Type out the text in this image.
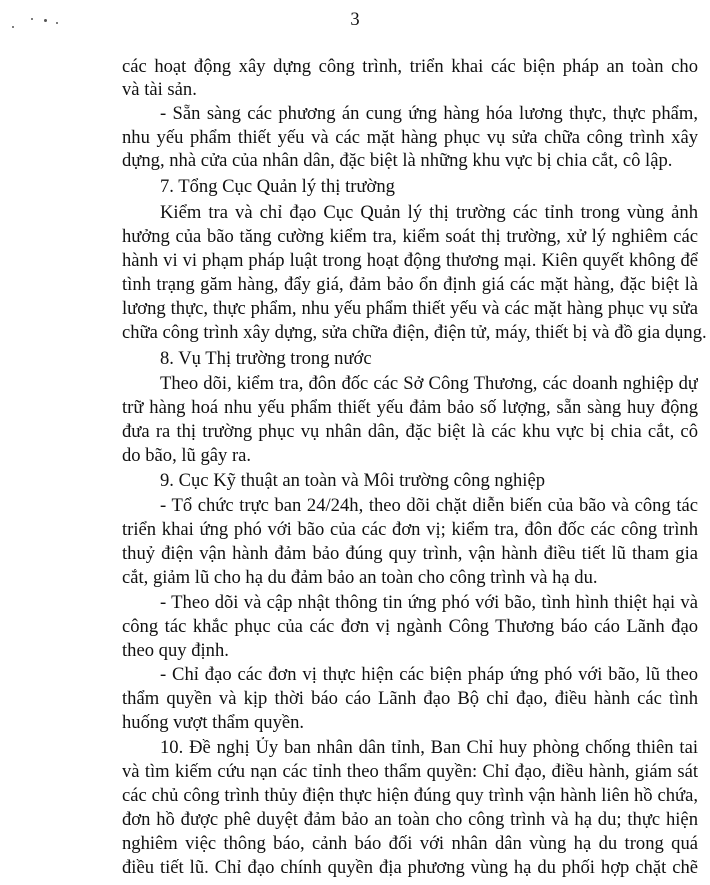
3
các hoạt động xây dựng công trình, triển khai các biện pháp an toàn cho
và tài sản.
- Sẵn sàng các phương án cung ứng hàng hóa lương thực, thực phẩm,
nhu yếu phẩm thiết yếu và các mặt hàng phục vụ sửa chữa công trình xây
dựng, nhà cửa của nhân dân, đặc biệt là những khu vực bị chia cắt, cô lập.
7. Tổng Cục Quản lý thị trường
Kiểm tra và chỉ đạo Cục Quản lý thị trường các tỉnh trong vùng ảnh
hưởng của bão tăng cường kiểm tra, kiểm soát thị trường, xử lý nghiêm các
hành vi vi phạm pháp luật trong hoạt động thương mại. Kiên quyết không để
tình trạng găm hàng, đẩy giá, đảm bảo ổn định giá các mặt hàng, đặc biệt là
lương thực, thực phẩm, nhu yếu phẩm thiết yếu và các mặt hàng phục vụ sửa
chữa công trình xây dựng, sửa chữa điện, điện tử, máy, thiết bị và đồ gia dụng.
8. Vụ Thị trường trong nước
Theo dõi, kiểm tra, đôn đốc các Sở Công Thương, các doanh nghiệp dự
trữ hàng hoá nhu yếu phẩm thiết yếu đảm bảo số lượng, sẵn sàng huy động
đưa ra thị trường phục vụ nhân dân, đặc biệt là các khu vực bị chia cắt, cô
do bão, lũ gây ra.
9. Cục Kỹ thuật an toàn và Môi trường công nghiệp
- Tổ chức trực ban 24/24h, theo dõi chặt diễn biến của bão và công tác
triển khai ứng phó với bão của các đơn vị; kiểm tra, đôn đốc các công trình
thuỷ điện vận hành đảm bảo đúng quy trình, vận hành điều tiết lũ tham gia
cắt, giảm lũ cho hạ du đảm bảo an toàn cho công trình và hạ du.
- Theo dõi và cập nhật thông tin ứng phó với bão, tình hình thiệt hại và
công tác khắc phục của các đơn vị ngành Công Thương báo cáo Lãnh đạo
theo quy định.
- Chỉ đạo các đơn vị thực hiện các biện pháp ứng phó với bão, lũ theo
thẩm quyền và kịp thời báo cáo Lãnh đạo Bộ chỉ đạo, điều hành các tình
huống vượt thẩm quyền.
10. Đề nghị Ủy ban nhân dân tỉnh, Ban Chỉ huy phòng chống thiên tai
và tìm kiếm cứu nạn các tỉnh theo thẩm quyền: Chỉ đạo, điều hành, giám sát
các chủ công trình thủy điện thực hiện đúng quy trình vận hành liên hồ chứa,
đơn hồ được phê duyệt đảm bảo an toàn cho công trình và hạ du; thực hiện
nghiêm việc thông báo, cảnh báo đối với nhân dân vùng hạ du trong quá
điều tiết lũ. Chỉ đạo chính quyền địa phương vùng hạ du phối hợp chặt chẽ
